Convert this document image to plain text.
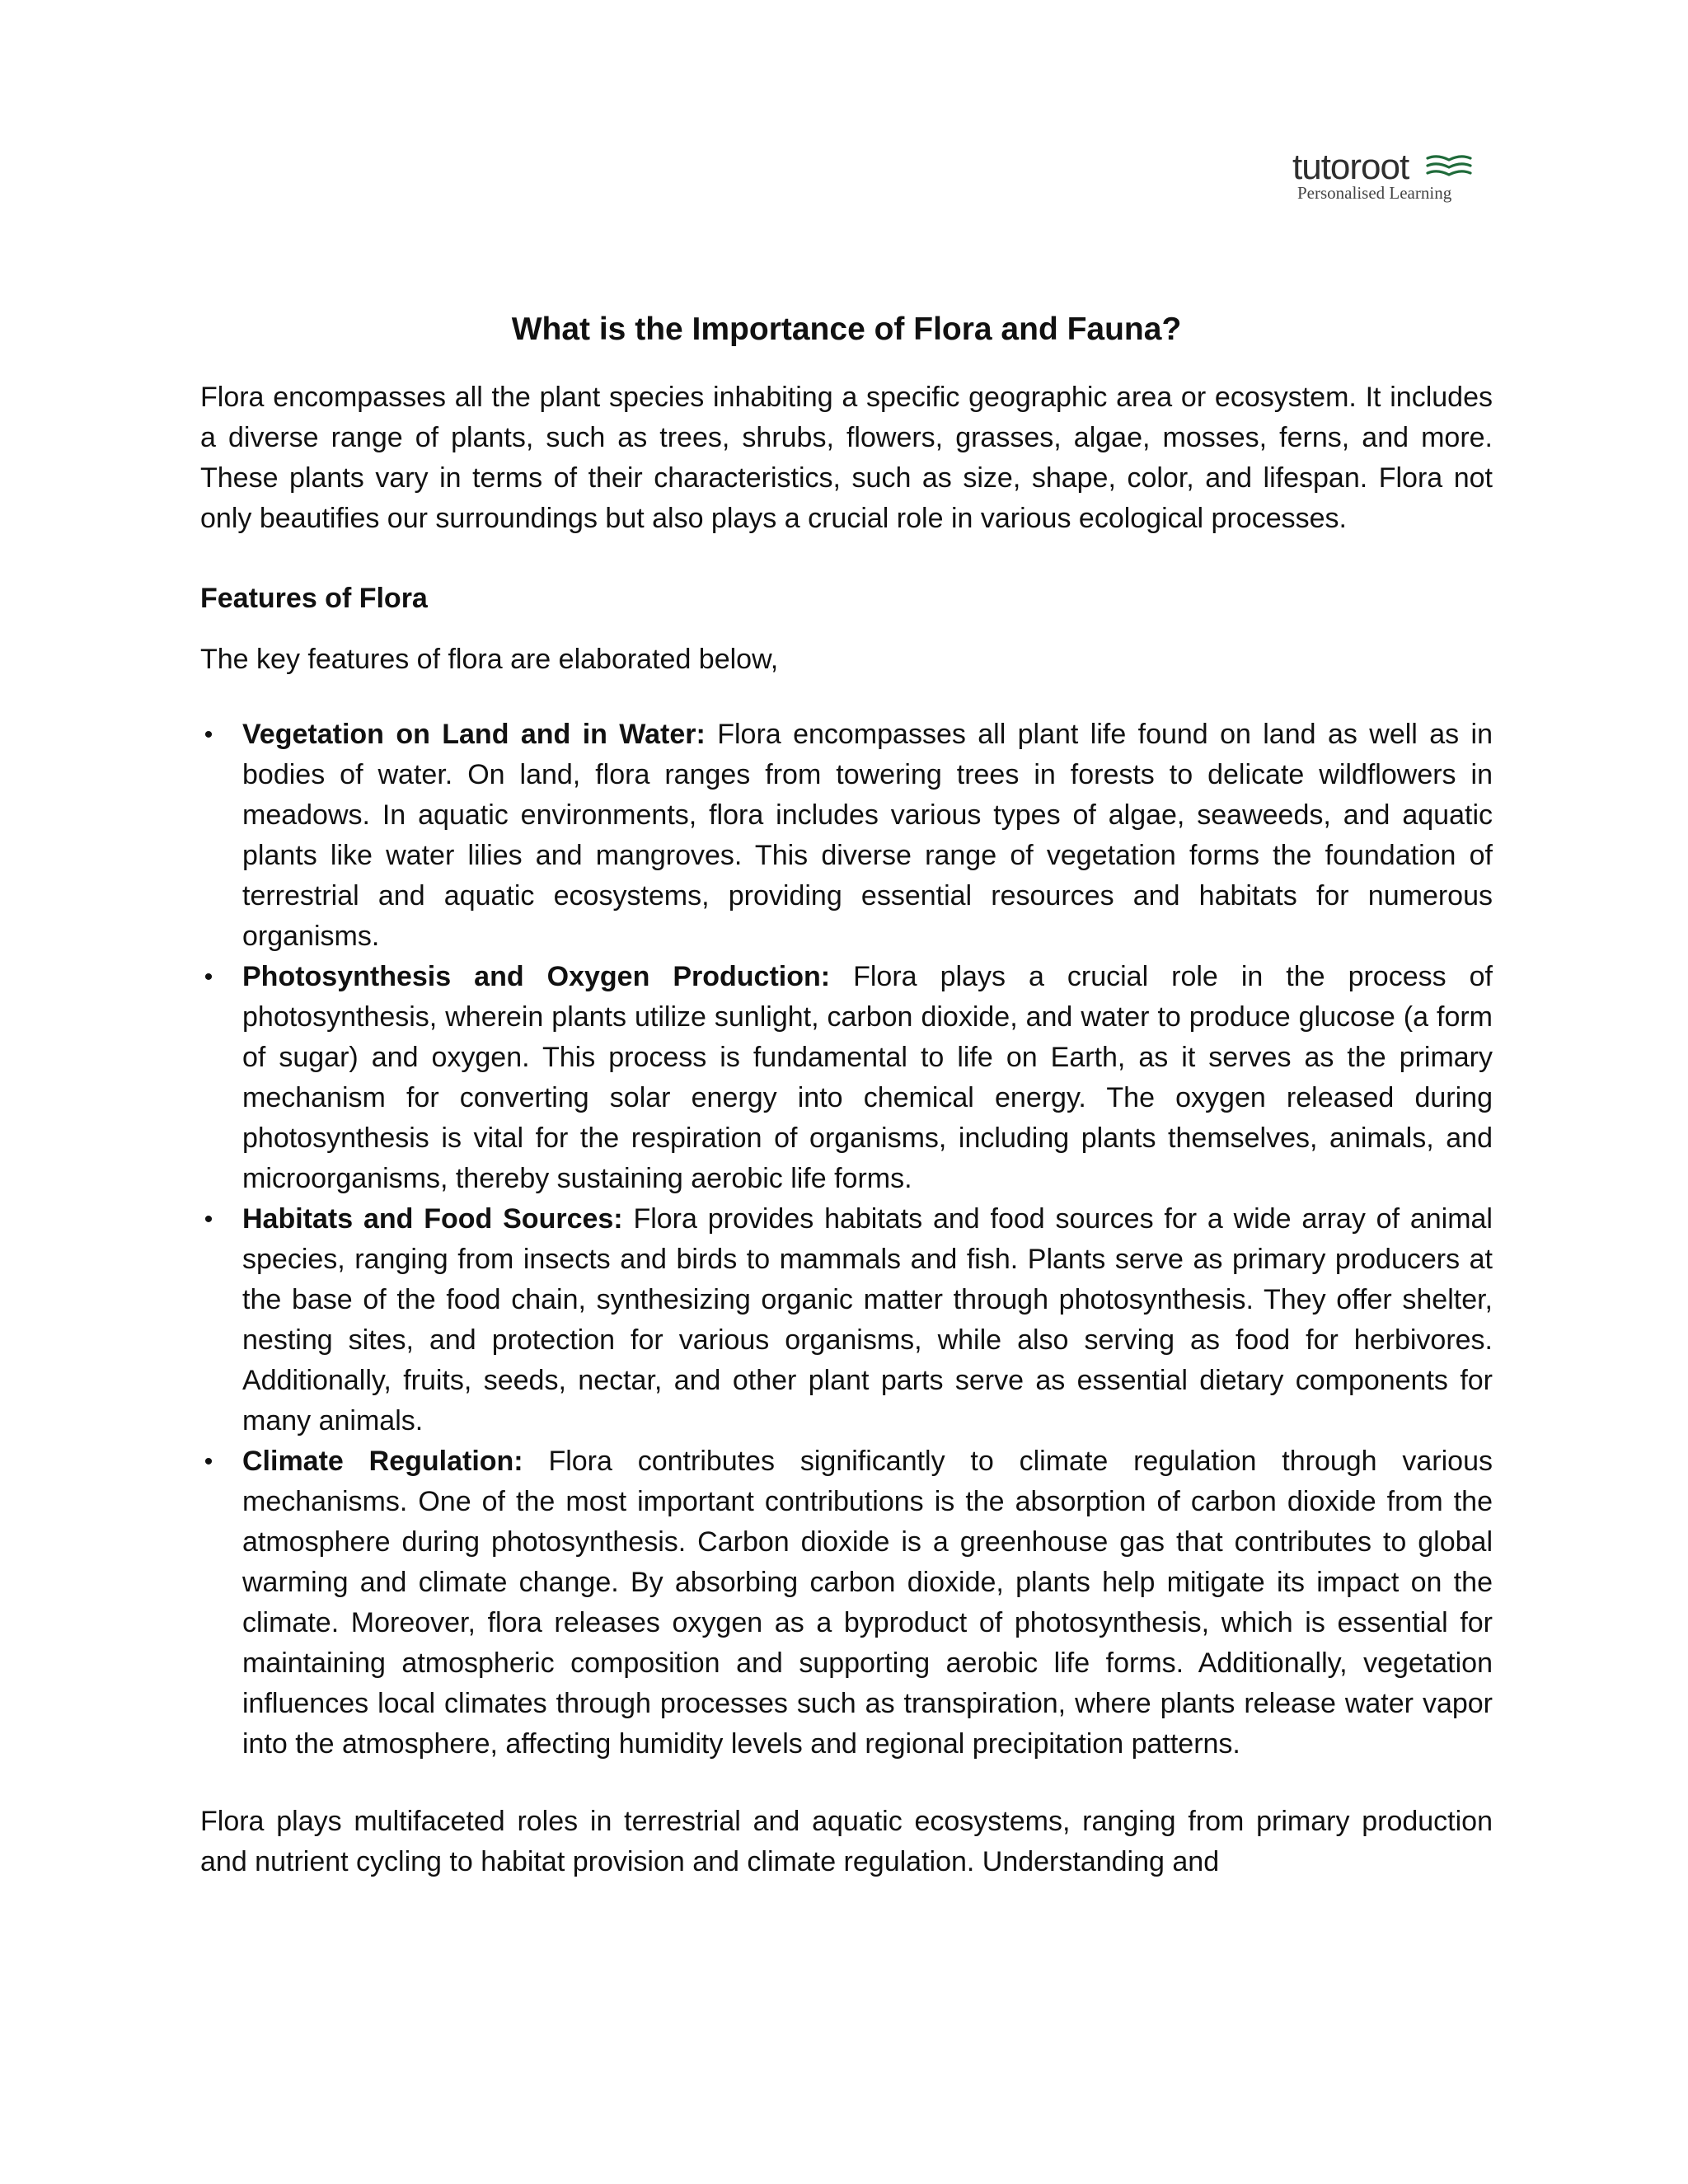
tutoroot
Personalised Learning
What is the Importance of Flora and Fauna?

Flora encompasses all the plant species inhabiting a specific geographic area or ecosystem. It includes a diverse range of plants, such as trees, shrubs, flowers, grasses, algae, mosses, ferns, and more. These plants vary in terms of their characteristics, such as size, shape, color, and lifespan. Flora not only beautifies our surroundings but also plays a crucial role in various ecological processes.

Features of Flora

The key features of flora are elaborated below,

• Vegetation on Land and in Water: Flora encompasses all plant life found on land as well as in bodies of water. On land, flora ranges from towering trees in forests to delicate wildflowers in meadows. In aquatic environments, flora includes various types of algae, seaweeds, and aquatic plants like water lilies and mangroves. This diverse range of vegetation forms the foundation of terrestrial and aquatic ecosystems, providing essential resources and habitats for numerous organisms.
• Photosynthesis and Oxygen Production: Flora plays a crucial role in the process of photosynthesis, wherein plants utilize sunlight, carbon dioxide, and water to produce glucose (a form of sugar) and oxygen. This process is fundamental to life on Earth, as it serves as the primary mechanism for converting solar energy into chemical energy. The oxygen released during photosynthesis is vital for the respiration of organisms, including plants themselves, animals, and microorganisms, thereby sustaining aerobic life forms.
• Habitats and Food Sources: Flora provides habitats and food sources for a wide array of animal species, ranging from insects and birds to mammals and fish. Plants serve as primary producers at the base of the food chain, synthesizing organic matter through photosynthesis. They offer shelter, nesting sites, and protection for various organisms, while also serving as food for herbivores. Additionally, fruits, seeds, nectar, and other plant parts serve as essential dietary components for many animals.
• Climate Regulation: Flora contributes significantly to climate regulation through various mechanisms. One of the most important contributions is the absorption of carbon dioxide from the atmosphere during photosynthesis. Carbon dioxide is a greenhouse gas that contributes to global warming and climate change. By absorbing carbon dioxide, plants help mitigate its impact on the climate. Moreover, flora releases oxygen as a byproduct of photosynthesis, which is essential for maintaining atmospheric composition and supporting aerobic life forms. Additionally, vegetation influences local climates through processes such as transpiration, where plants release water vapor into the atmosphere, affecting humidity levels and regional precipitation patterns.

Flora plays multifaceted roles in terrestrial and aquatic ecosystems, ranging from primary production and nutrient cycling to habitat provision and climate regulation. Understanding and
